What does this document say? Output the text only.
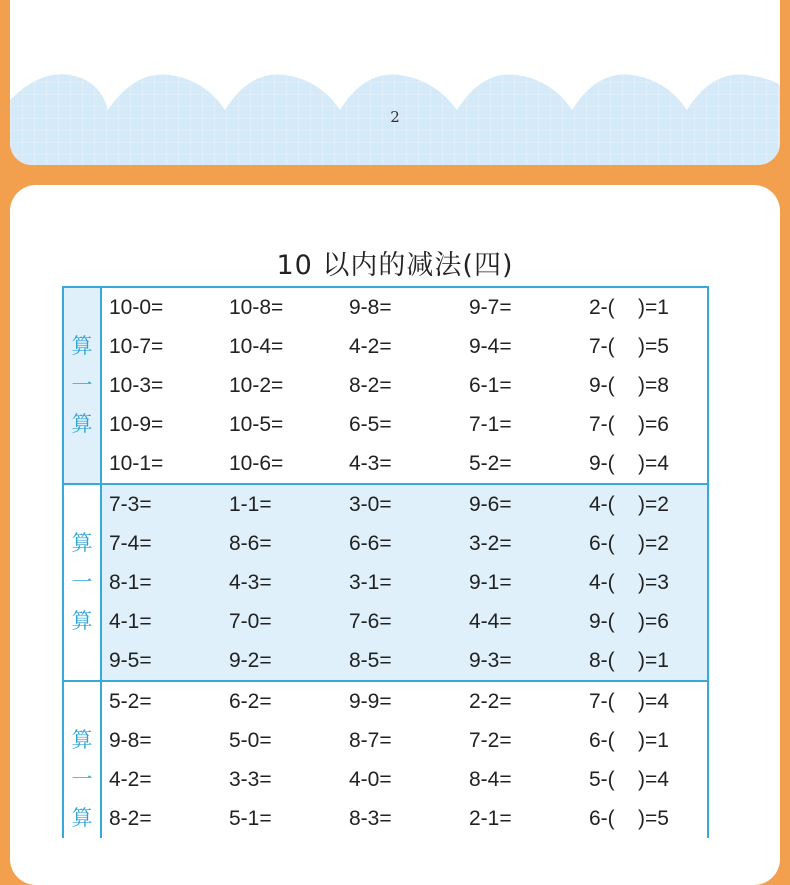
2
10 以内的减法(四)
算
一
算
10-0=	10-8=	9-8=	9-7=	2-(    )=1
10-7=	10-4=	4-2=	9-4=	7-(    )=5
10-3=	10-2=	8-2=	6-1=	9-(    )=8
10-9=	10-5=	6-5=	7-1=	7-(    )=6
10-1=	10-6=	4-3=	5-2=	9-(    )=4
算
一
算
7-3=	1-1=	3-0=	9-6=	4-(    )=2
7-4=	8-6=	6-6=	3-2=	6-(    )=2
8-1=	4-3=	3-1=	9-1=	4-(    )=3
4-1=	7-0=	7-6=	4-4=	9-(    )=6
9-5=	9-2=	8-5=	9-3=	8-(    )=1
算
一
算
5-2=	6-2=	9-9=	2-2=	7-(    )=4
9-8=	5-0=	8-7=	7-2=	6-(    )=1
4-2=	3-3=	4-0=	8-4=	5-(    )=4
8-2=	5-1=	8-3=	2-1=	6-(    )=5
